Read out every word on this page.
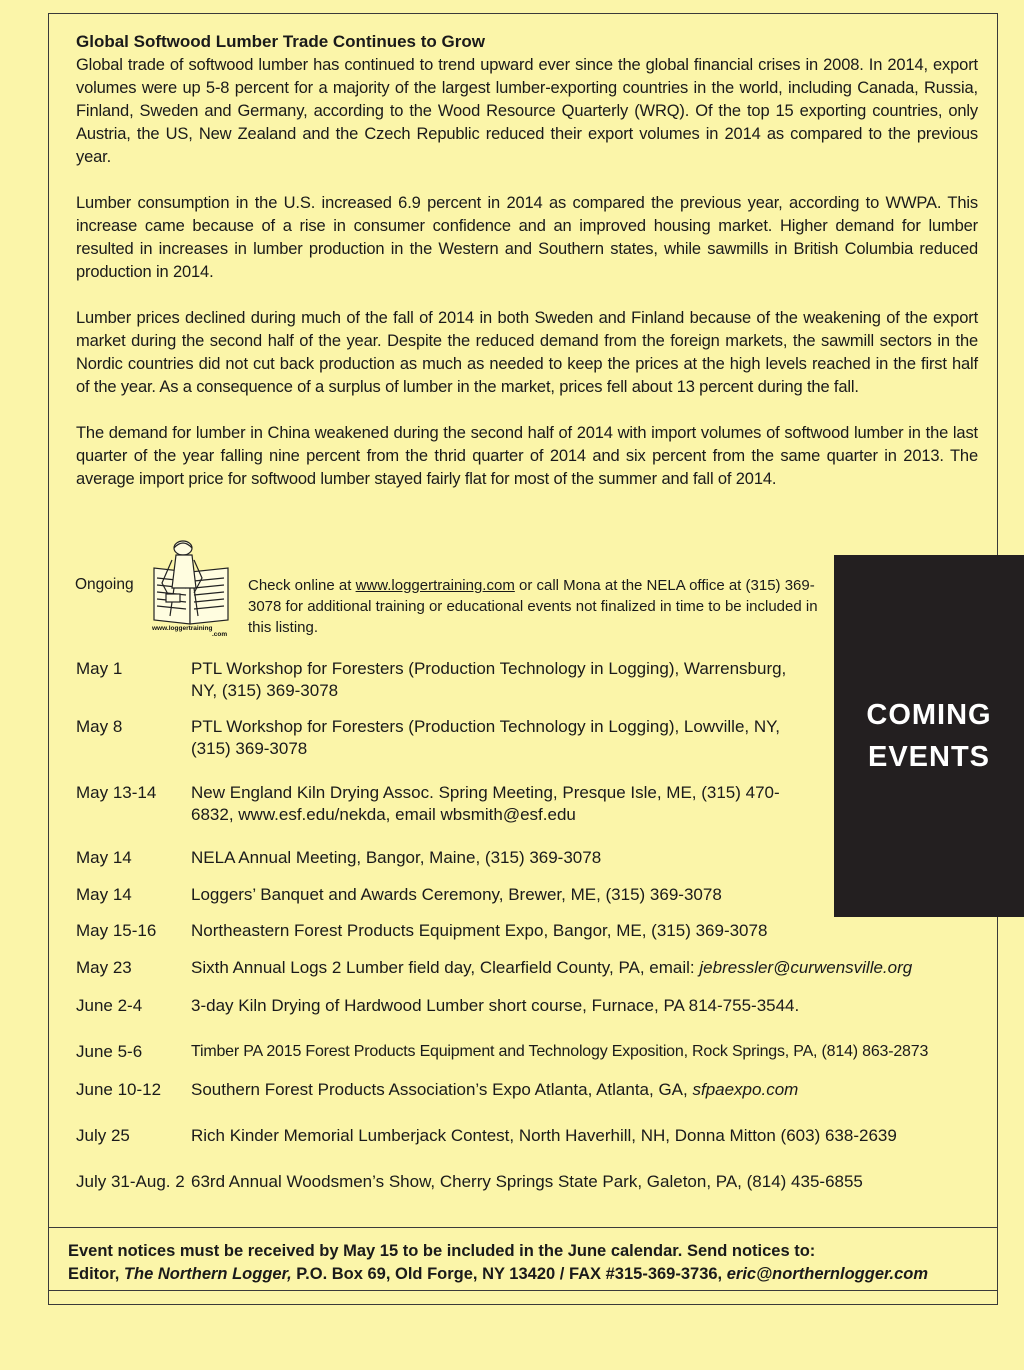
Global Softwood Lumber Trade Continues to Grow

Global trade of softwood lumber has continued to trend upward ever since the global financial crises in 2008. In 2014, export volumes were up 5-8 percent for a majority of the largest lumber-exporting countries in the world, including Canada, Russia, Finland, Sweden and Germany, according to the Wood Resource Quarterly (WRQ). Of the top 15 exporting countries, only Austria, the US, New Zealand and the Czech Republic reduced their export volumes in 2014 as compared to the previous year.

Lumber consumption in the U.S. increased 6.9 percent in 2014 as compared the previous year, according to WWPA. This increase came because of a rise in consumer confidence and an improved housing market. Higher demand for lumber resulted in increases in lumber production in the Western and Southern states, while sawmills in British Columbia reduced production in 2014.

Lumber prices declined during much of the fall of 2014 in both Sweden and Finland because of the weakening of the export market during the second half of the year. Despite the reduced demand from the foreign markets, the sawmill sectors in the Nordic countries did not cut back production as much as needed to keep the prices at the high levels reached in the first half of the year. As a consequence of a surplus of lumber in the market, prices fell about 13 percent during the fall.

The demand for lumber in China weakened during the second half of 2014 with import volumes of softwood lumber in the last quarter of the year falling nine percent from the thrid quarter of 2014 and six percent from the same quarter in 2013. The average import price for softwood lumber stayed fairly flat for most of the summer and fall of 2014.

COMING
EVENTS
Ongoing
www.loggertraining
.com
Check online at www.loggertraining.com or call Mona at the NELA office at (315) 369-3078 for additional training or educational events not finalized in time to be included in this listing.
May 1	PTL Workshop for Foresters (Production Technology in Logging), Warrensburg, NY, (315) 369-3078
May 8	PTL Workshop for Foresters (Production Technology in Logging), Lowville, NY, (315) 369-3078
May 13-14	New England Kiln Drying Assoc. Spring Meeting, Presque Isle, ME, (315) 470-6832, www.esf.edu/nekda, email wbsmith@esf.edu
May 14	NELA Annual Meeting, Bangor, Maine, (315) 369-3078
May 14	Loggers’ Banquet and Awards Ceremony, Brewer, ME, (315) 369-3078
May 15-16	Northeastern Forest Products Equipment Expo, Bangor, ME, (315) 369-3078
May 23	Sixth Annual Logs 2 Lumber field day, Clearfield County, PA, email: jebressler@curwensville.org
June 2-4	3-day Kiln Drying of Hardwood Lumber short course, Furnace, PA 814-755-3544.
June 5-6	Timber PA 2015 Forest Products Equipment and Technology Exposition, Rock Springs, PA, (814) 863-2873
June 10-12	Southern Forest Products Association’s Expo Atlanta, Atlanta, GA, sfpaexpo.com
July 25	Rich Kinder Memorial Lumberjack Contest, North Haverhill, NH, Donna Mitton (603) 638-2639
July 31-Aug. 2 63rd Annual Woodsmen’s Show, Cherry Springs State Park, Galeton, PA, (814) 435-6855
Event notices must be received by May 15 to be included in the June calendar. Send notices to:
Editor, The Northern Logger, P.O. Box 69, Old Forge, NY 13420 / FAX #315-369-3736, eric@northernlogger.com
